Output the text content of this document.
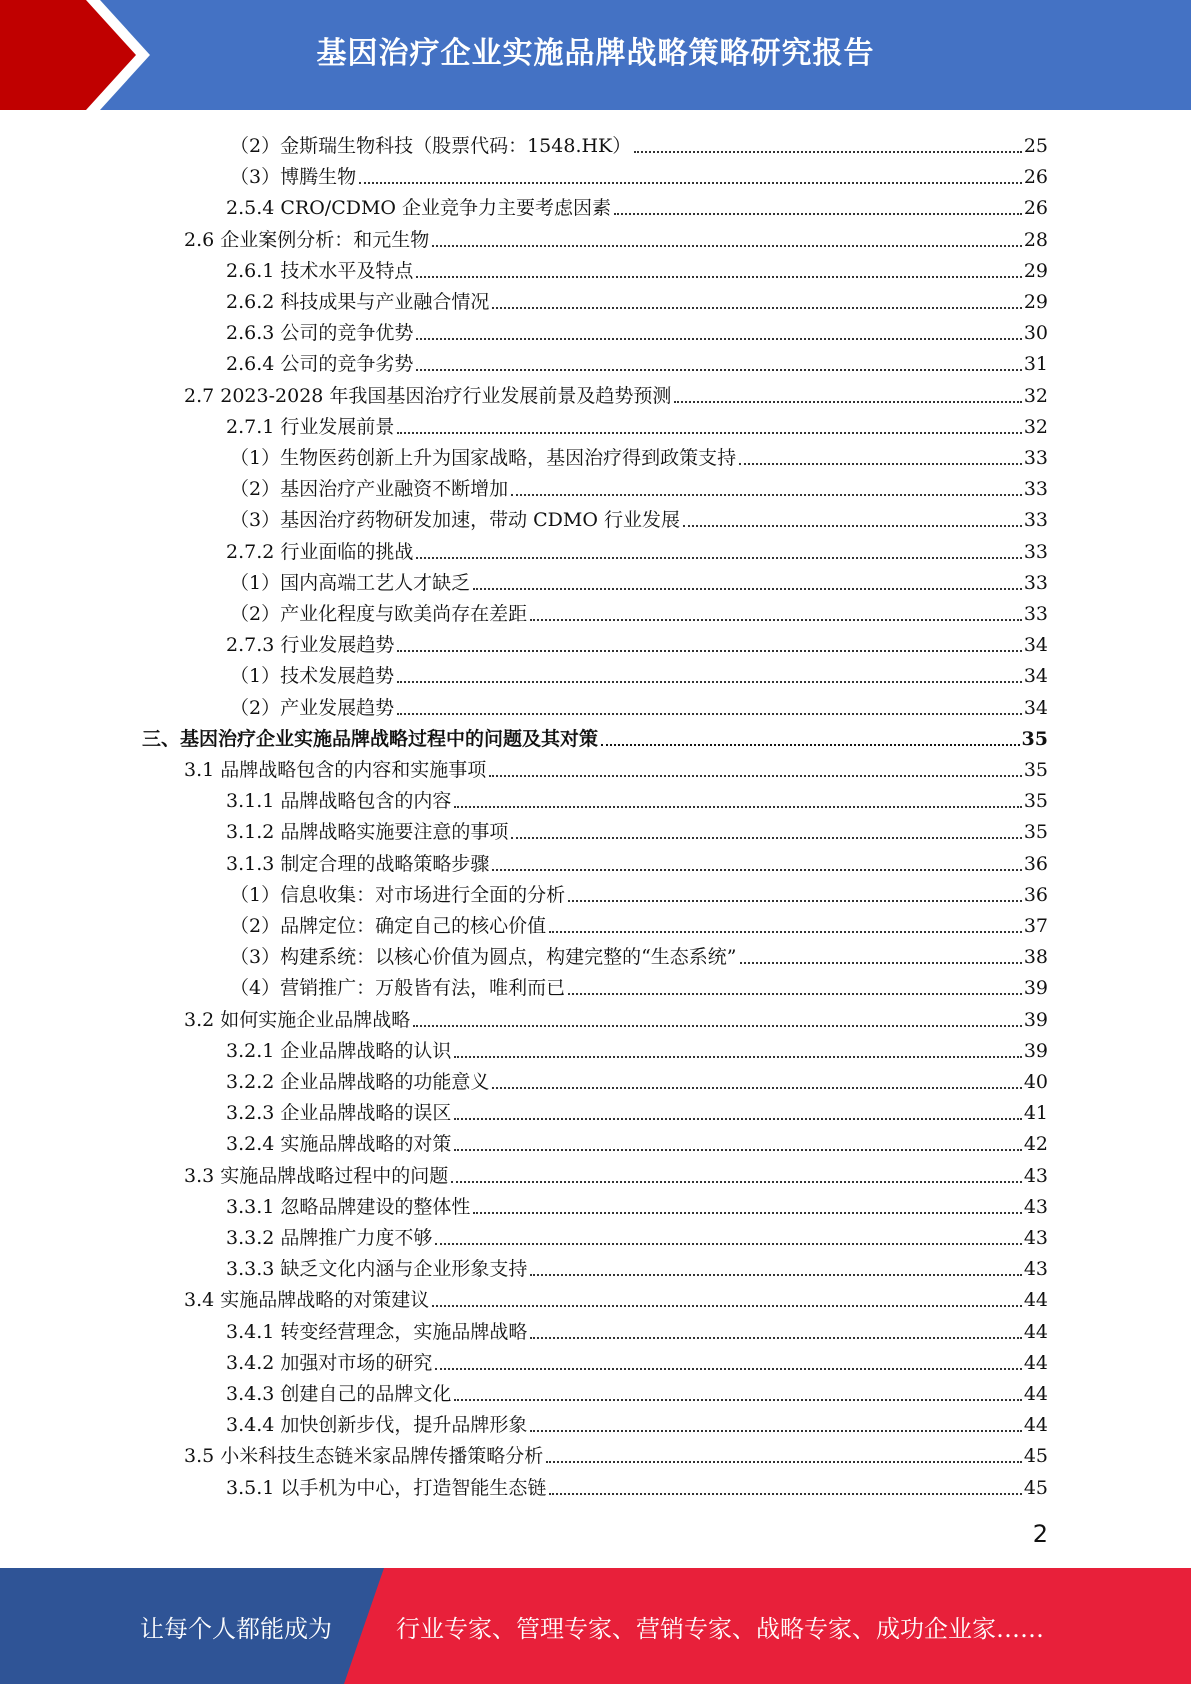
基因治疗企业实施品牌战略策略研究报告
（2）金斯瑞生物科技（股票代码：1548.HK）	25
（3）博腾生物	26
2.5.4 CRO/CDMO 企业竞争力主要考虑因素	26
2.6 企业案例分析：和元生物	28
2.6.1 技术水平及特点	29
2.6.2 科技成果与产业融合情况	29
2.6.3 公司的竞争优势	30
2.6.4 公司的竞争劣势	31
2.7 2023-2028 年我国基因治疗行业发展前景及趋势预测	32
2.7.1 行业发展前景	32
（1）生物医药创新上升为国家战略，基因治疗得到政策支持	33
（2）基因治疗产业融资不断增加	33
（3）基因治疗药物研发加速，带动 CDMO 行业发展	33
2.7.2 行业面临的挑战	33
（1）国内高端工艺人才缺乏	33
（2）产业化程度与欧美尚存在差距	33
2.7.3 行业发展趋势	34
（1）技术发展趋势	34
（2）产业发展趋势	34
三、基因治疗企业实施品牌战略过程中的问题及其对策	35
3.1 品牌战略包含的内容和实施事项	35
3.1.1 品牌战略包含的内容	35
3.1.2 品牌战略实施要注意的事项	35
3.1.3 制定合理的战略策略步骤	36
（1）信息收集：对市场进行全面的分析	36
（2）品牌定位：确定自己的核心价值	37
（3）构建系统：以核心价值为圆点，构建完整的“生态系统”	38
（4）营销推广：万般皆有法，唯利而已	39
3.2 如何实施企业品牌战略	39
3.2.1 企业品牌战略的认识	39
3.2.2 企业品牌战略的功能意义	40
3.2.3 企业品牌战略的误区	41
3.2.4 实施品牌战略的对策	42
3.3 实施品牌战略过程中的问题	43
3.3.1 忽略品牌建设的整体性	43
3.3.2 品牌推广力度不够	43
3.3.3 缺乏文化内涵与企业形象支持	43
3.4 实施品牌战略的对策建议	44
3.4.1 转变经营理念，实施品牌战略	44
3.4.2 加强对市场的研究	44
3.4.3 创建自己的品牌文化	44
3.4.4 加快创新步伐，提升品牌形象	44
3.5 小米科技生态链米家品牌传播策略分析	45
3.5.1 以手机为中心，打造智能生态链	45
2
让每个人都能成为	行业专家、管理专家、营销专家、战略专家、成功企业家……
